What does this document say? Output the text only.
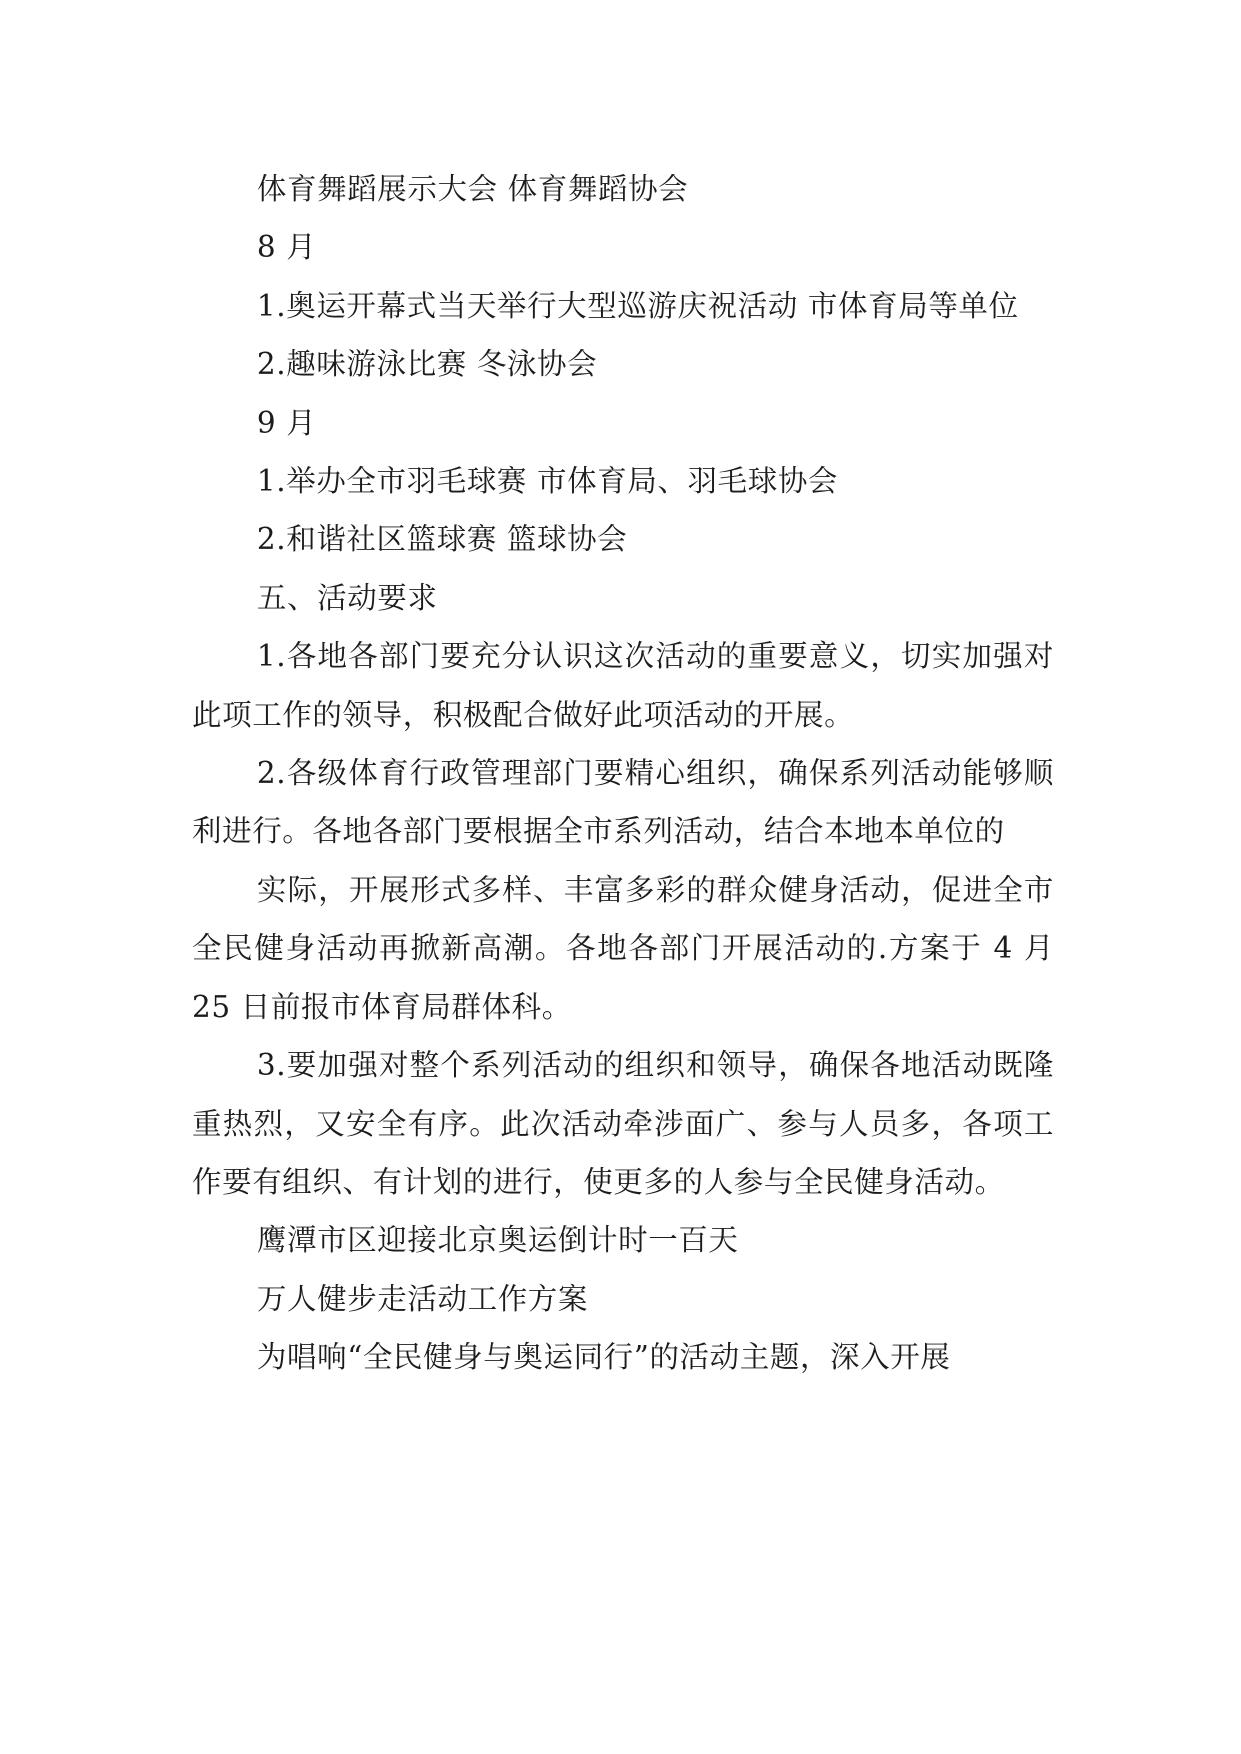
体育舞蹈展示大会 体育舞蹈协会

8 月

1.奥运开幕式当天举行大型巡游庆祝活动 市体育局等单位

2.趣味游泳比赛 冬泳协会

9 月

1.举办全市羽毛球赛 市体育局、羽毛球协会

2.和谐社区篮球赛 篮球协会

五、活动要求

1.各地各部门要充分认识这次活动的重要意义，切实加强对此项工作的领导，积极配合做好此项活动的开展。

2.各级体育行政管理部门要精心组织，确保系列活动能够顺利进行。各地各部门要根据全市系列活动，结合本地本单位的

实际，开展形式多样、丰富多彩的群众健身活动，促进全市全民健身活动再掀新高潮。各地各部门开展活动的.方案于 4 月 25 日前报市体育局群体科。

3.要加强对整个系列活动的组织和领导，确保各地活动既隆重热烈，又安全有序。此次活动牵涉面广、参与人员多，各项工作要有组织、有计划的进行，使更多的人参与全民健身活动。

鹰潭市区迎接北京奥运倒计时一百天

万人健步走活动工作方案

为唱响“全民健身与奥运同行”的活动主题，深入开展
